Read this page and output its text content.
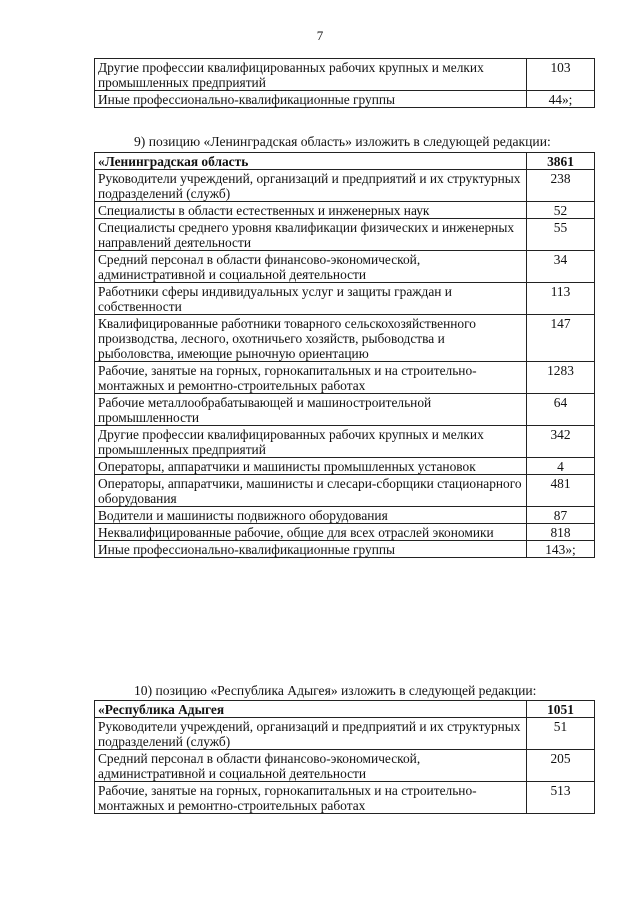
7
Другие профессии квалифицированных рабочих крупных и мелких промышленных предприятий	103
Иные профессионально-квалификационные группы	44»;
9) позицию «Ленинградская область» изложить в следующей редакции:
«Ленинградская область	3861
Руководители учреждений, организаций и предприятий и их структурных подразделений (служб)	238
Специалисты в области естественных и инженерных наук	52
Специалисты среднего уровня квалификации физических и инженерных направлений деятельности	55
Средний персонал в области финансово-экономической, административной и социальной деятельности	34
Работники сферы индивидуальных услуг и защиты граждан и собственности	113
Квалифицированные работники товарного сельскохозяйственного производства, лесного, охотничьего хозяйств, рыбоводства и рыболовства, имеющие рыночную ориентацию	147
Рабочие, занятые на горных, горнокапитальных и на строительно-монтажных и ремонтно-строительных работах	1283
Рабочие металлообрабатывающей и машиностроительной промышленности	64
Другие профессии квалифицированных рабочих крупных и мелких промышленных предприятий	342
Операторы, аппаратчики и машинисты промышленных установок	4
Операторы, аппаратчики, машинисты и слесари-сборщики стационарного оборудования	481
Водители и машинисты подвижного оборудования	87
Неквалифицированные рабочие, общие для всех отраслей экономики	818
Иные профессионально-квалификационные группы	143»;
10) позицию «Республика Адыгея» изложить в следующей редакции:
«Республика Адыгея	1051
Руководители учреждений, организаций и предприятий и их структурных подразделений (служб)	51
Средний персонал в области финансово-экономической, административной и социальной деятельности	205
Рабочие, занятые на горных, горнокапитальных и на строительно-монтажных и ремонтно-строительных работах	513
